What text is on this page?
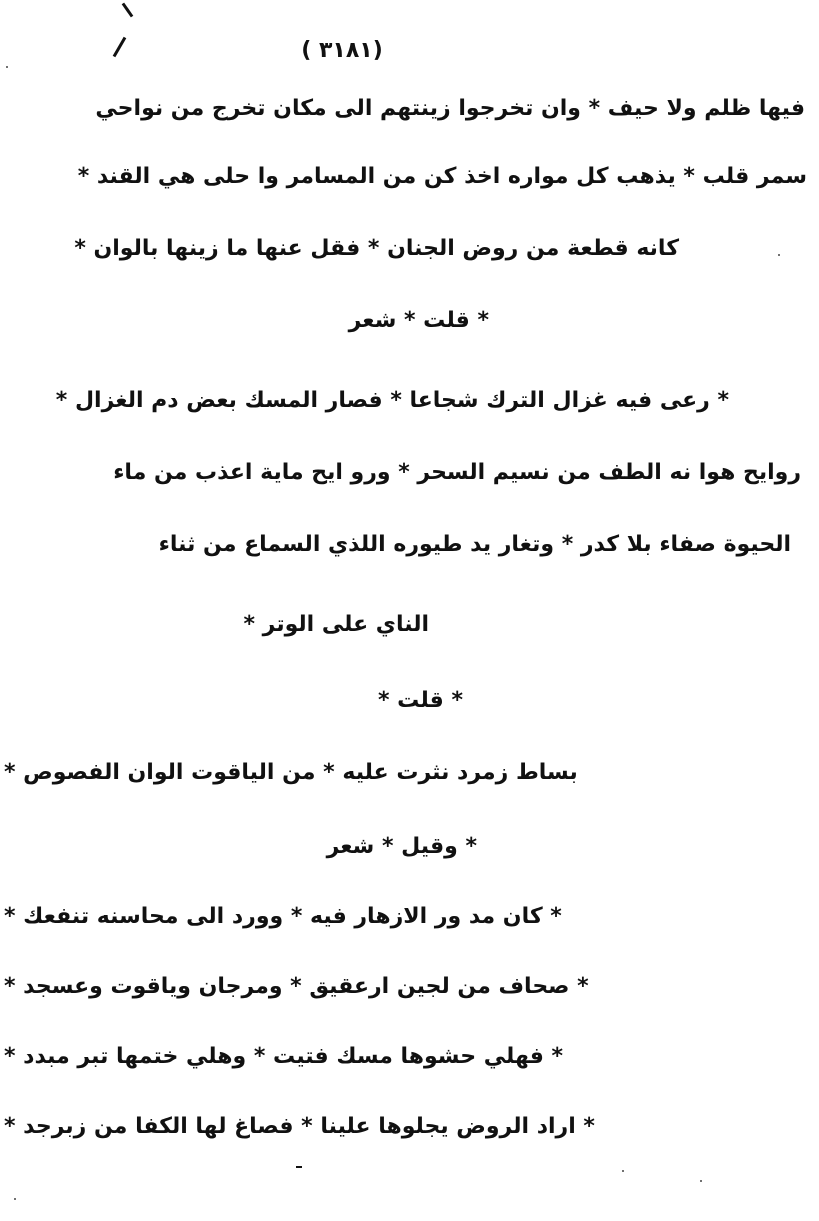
( ٣١٨١)
فيها ظلم ولا حيف * وان تخرجوا زينتهم الى مكان تخرج من نواحي
سمر قلب * يذهب كل مواره اخذ كن من المسامر وا حلى هي القند *
كانه قطعة من روض الجنان * فقل عنها ما زينها بالوان *
* قلت * شعر
* رعى فيه غزال الترك شجاعا * فصار المسك بعض دم الغزال *
روايح هوا نه الطف من نسيم السحر * ورو ايح ماية اعذب من ماء
الحيوة صفاء بلا كدر * وتغار يد طيوره اللذي السماع من ثناء
الناي على الوتر *
* قلت *
بساط زمرد نثرت عليه * من الياقوت الوان الفصوص *
* وقيل * شعر
* كان مد ور الازهار فيه * وورد الى محاسنه تنفعك *
* صحاف من لجين ارعقيق * ومرجان وياقوت وعسجد *
* فهلي حشوها مسك فتيت * وهلي ختمها تبر مبدد *
* اراد الروض يجلوها علينا * فصاغ لها الكفا من زبرجد *
